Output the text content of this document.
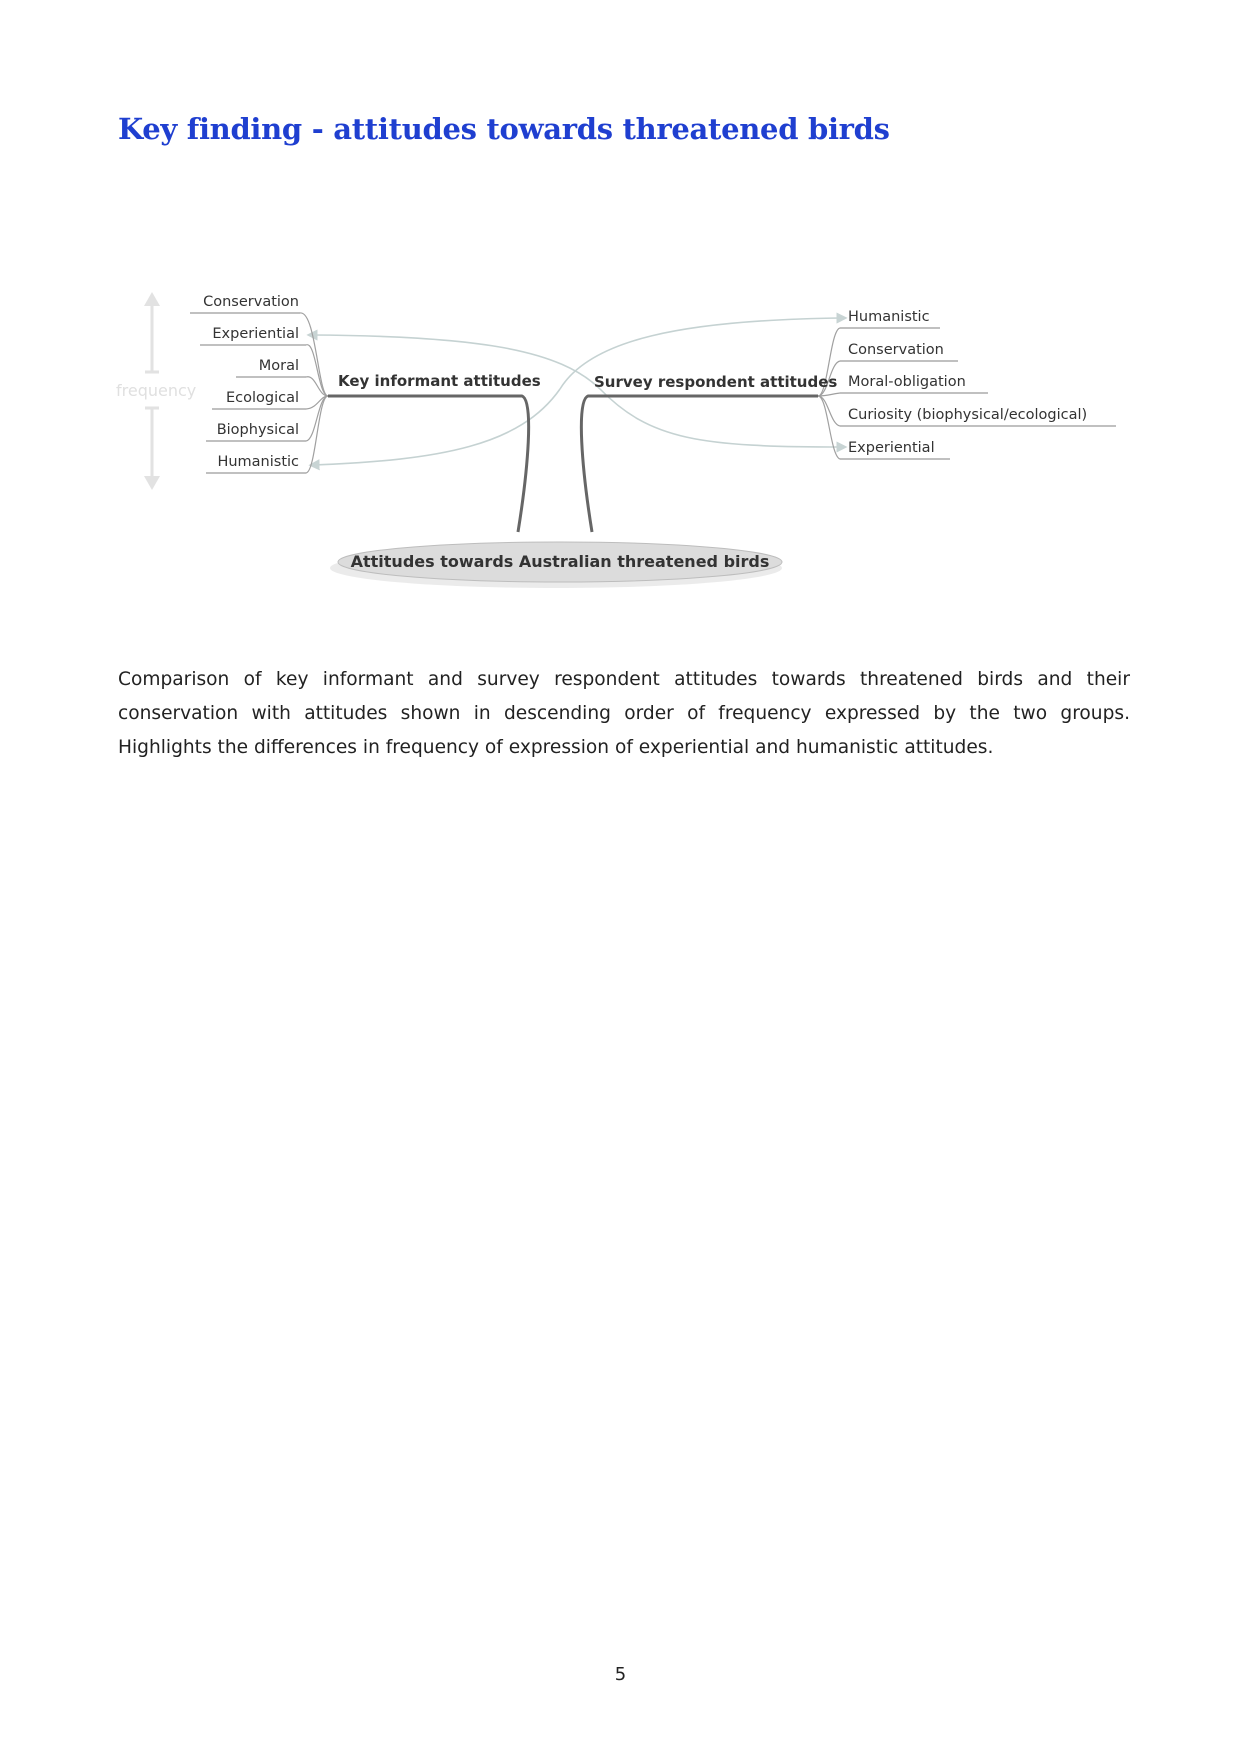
Key finding - attitudes towards threatened birds
frequency	Key informant attitudes
Conservation
Experiential
Moral
Ecological
Biophysical
Humanistic
Survey respondent attitudes
Humanistic
Conservation
Moral-obligation
Curiosity (biophysical/ecological)
Experiential
Attitudes towards Australian threatened birds

Comparison of key informant and survey respondent attitudes towards threatened birds and their conservation with attitudes shown in descending order of frequency expressed by the two groups. Highlights the differences in frequency of expression of experiential and humanistic attitudes.

5
